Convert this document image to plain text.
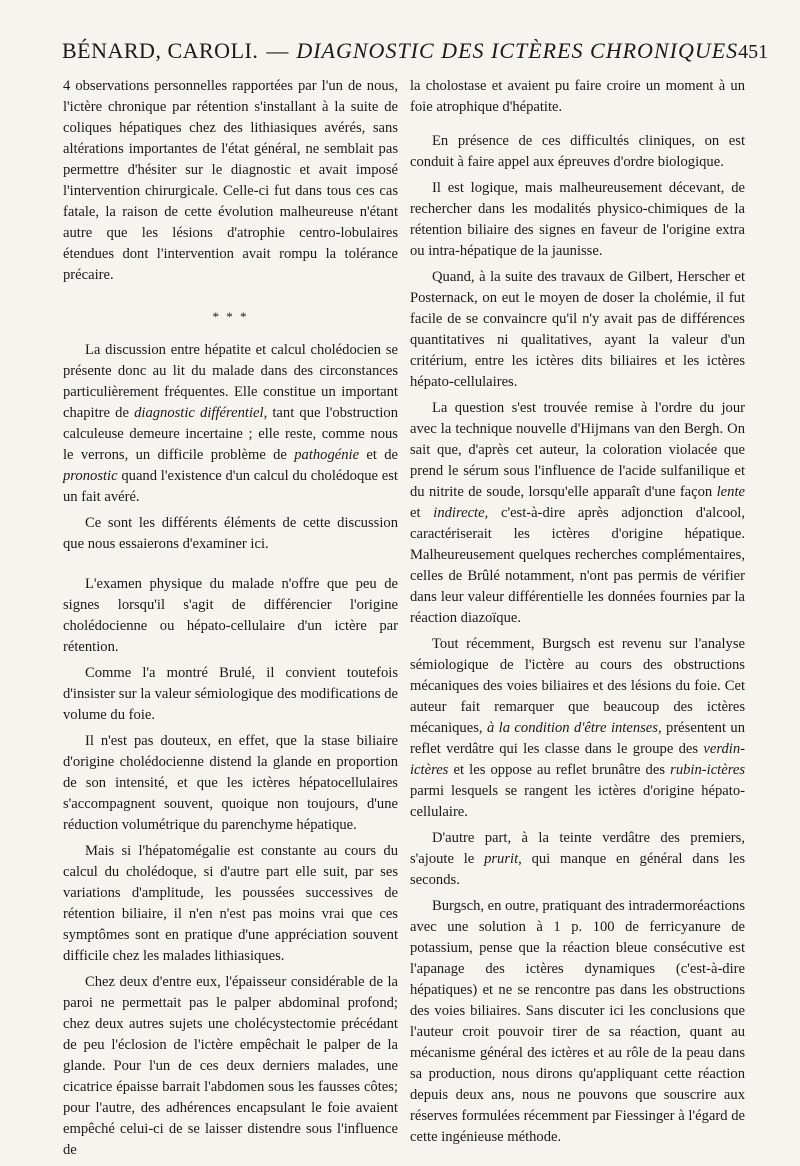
BÉNARD, CAROLI. — DIAGNOSTIC DES ICTÈRES CHRONIQUES 451

4 observations personnelles rapportées par l'un de nous, l'ictère chronique par rétention s'installant à la suite de coliques hépatiques chez des lithiasiques avérés, sans altérations importantes de l'état général, ne semblait pas permettre d'hésiter sur le diagnostic et avait imposé l'intervention chirurgicale. Celle-ci fut dans tous ces cas fatale, la raison de cette évolution malheureuse n'étant autre que les lésions d'atrophie centro-lobulaires étendues dont l'intervention avait rompu la tolérance précaire.

* * *

La discussion entre hépatite et calcul cholédocien se présente donc au lit du malade dans des circonstances particulièrement fréquentes. Elle constitue un important chapitre de diagnostic différentiel, tant que l'obstruction calculeuse demeure incertaine ; elle reste, comme nous le verrons, un difficile problème de pathogénie et de pronostic quand l'existence d'un calcul du cholédoque est un fait avéré.

Ce sont les différents éléments de cette discussion que nous essaierons d'examiner ici.

L'examen physique du malade n'offre que peu de signes lorsqu'il s'agit de différencier l'origine cholédocienne ou hépato-cellulaire d'un ictère par rétention.

Comme l'a montré Brulé, il convient toutefois d'insister sur la valeur sémiologique des modifications de volume du foie.

Il n'est pas douteux, en effet, que la stase biliaire d'origine cholédocienne distend la glande en proportion de son intensité, et que les ictères hépatocellulaires s'accompagnent souvent, quoique non toujours, d'une réduction volumétrique du parenchyme hépatique.

Mais si l'hépatomégalie est constante au cours du calcul du cholédoque, si d'autre part elle suit, par ses variations d'amplitude, les poussées successives de rétention biliaire, il n'en n'est pas moins vrai que ces symptômes sont en pratique d'une appréciation souvent difficile chez les malades lithiasiques.

Chez deux d'entre eux, l'épaisseur considérable de la paroi ne permettait pas le palper abdominal profond; chez deux autres sujets une cholécystectomie précédant de peu l'éclosion de l'ictère empêchait le palper de la glande. Pour l'un de ces deux derniers malades, une cicatrice épaisse barrait l'abdomen sous les fausses côtes; pour l'autre, des adhérences encapsulant le foie avaient empêché celui-ci de se laisser distendre sous l'influence de

la cholostase et avaient pu faire croire un moment à un foie atrophique d'hépatite.

En présence de ces difficultés cliniques, on est conduit à faire appel aux épreuves d'ordre biologique.

Il est logique, mais malheureusement décevant, de rechercher dans les modalités physico-chimiques de la rétention biliaire des signes en faveur de l'origine extra ou intra-hépatique de la jaunisse.

Quand, à la suite des travaux de Gilbert, Herscher et Posternack, on eut le moyen de doser la cholémie, il fut facile de se convaincre qu'il n'y avait pas de différences quantitatives ni qualitatives, ayant la valeur d'un critérium, entre les ictères dits biliaires et les ictères hépato-cellulaires.

La question s'est trouvée remise à l'ordre du jour avec la technique nouvelle d'Hijmans van den Bergh. On sait que, d'après cet auteur, la coloration violacée que prend le sérum sous l'influence de l'acide sulfanilique et du nitrite de soude, lorsqu'elle apparaît d'une façon lente et indirecte, c'est-à-dire après adjonction d'alcool, caractériserait les ictères d'origine hépatique. Malheureusement quelques recherches complémentaires, celles de Brûlé notamment, n'ont pas permis de vérifier dans leur valeur différentielle les données fournies par la réaction diazoïque.

Tout récemment, Burgsch est revenu sur l'analyse sémiologique de l'ictère au cours des obstructions mécaniques des voies biliaires et des lésions du foie. Cet auteur fait remarquer que beaucoup des ictères mécaniques, à la condition d'être intenses, présentent un reflet verdâtre qui les classe dans le groupe des verdin-ictères et les oppose au reflet brunâtre des rubin-ictères parmi lesquels se rangent les ictères d'origine hépato-cellulaire.

D'autre part, à la teinte verdâtre des premiers, s'ajoute le prurit, qui manque en général dans les seconds.

Burgsch, en outre, pratiquant des intradermoréactions avec une solution à 1 p. 100 de ferricyanure de potassium, pense que la réaction bleue consécutive est l'apanage des ictères dynamiques (c'est-à-dire hépatiques) et ne se rencontre pas dans les obstructions des voies biliaires. Sans discuter ici les conclusions que l'auteur croit pouvoir tirer de sa réaction, quant au mécanisme général des ictères et au rôle de la peau dans sa production, nous dirons qu'appliquant cette réaction depuis deux ans, nous ne pouvons que souscrire aux réserves formulées récemment par Fiessinger à l'égard de cette ingénieuse méthode.
